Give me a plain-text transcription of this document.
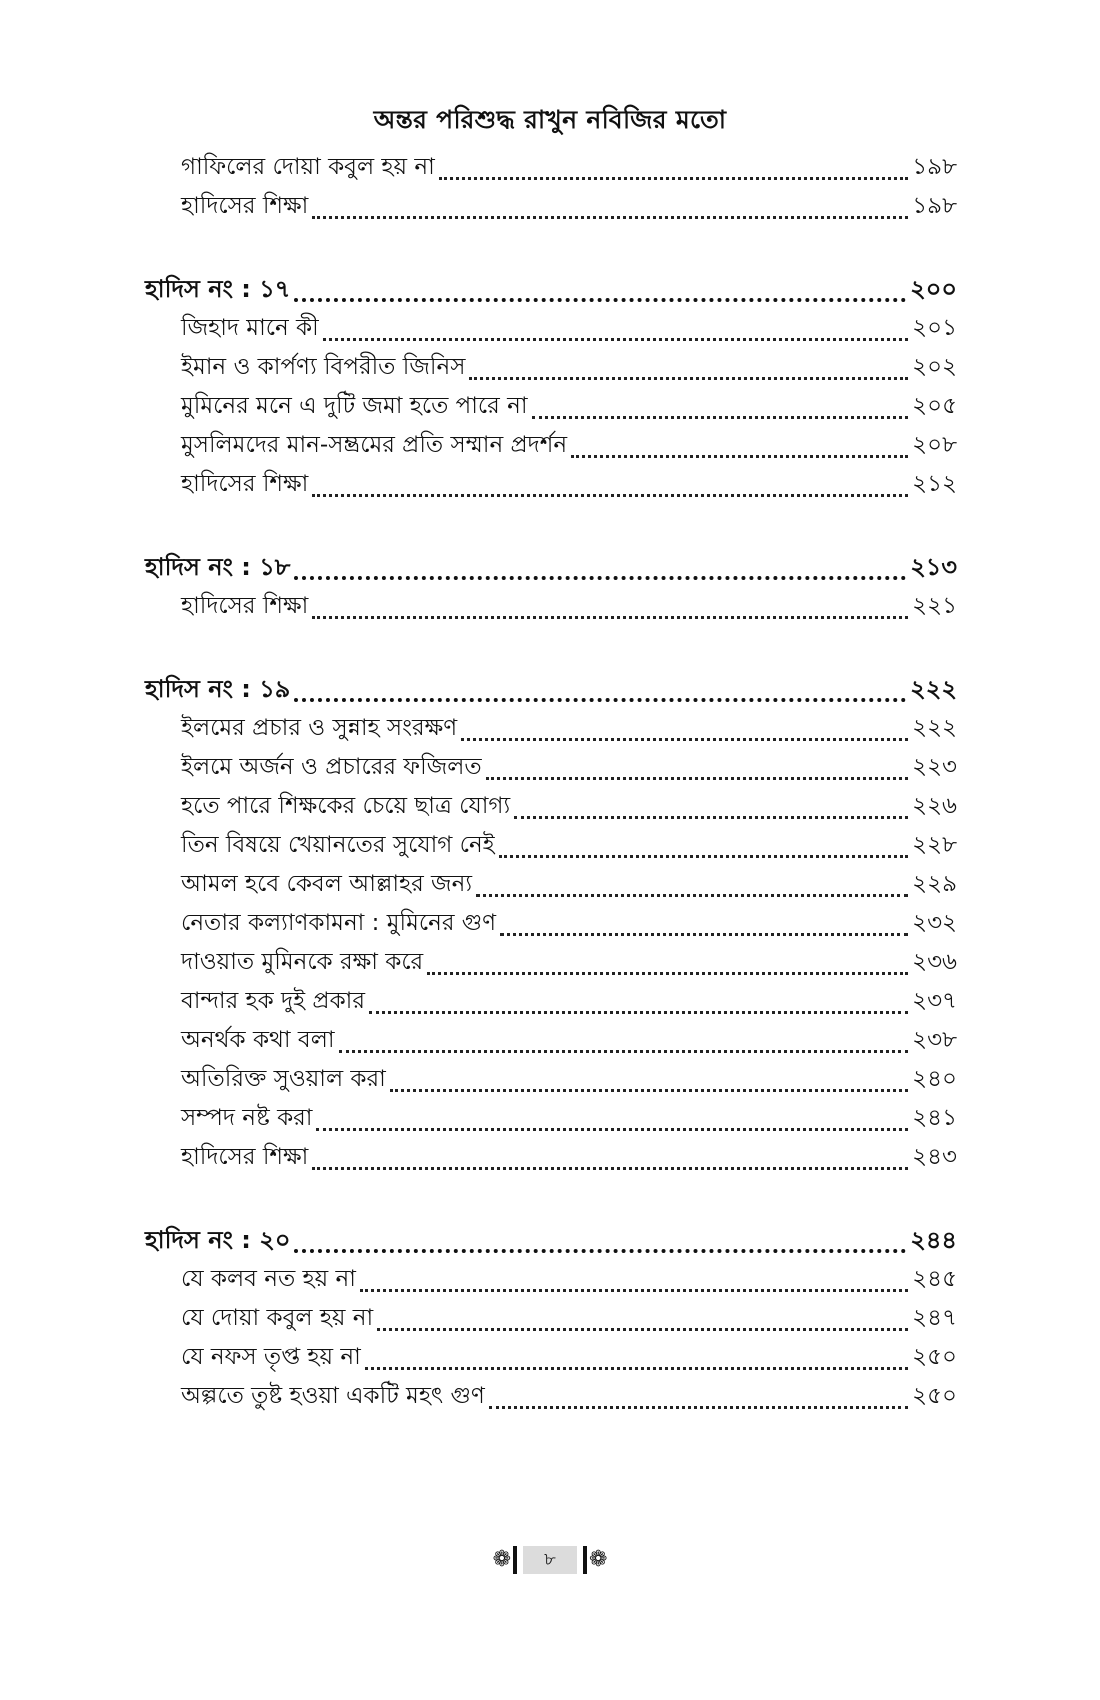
অন্তর পরিশুদ্ধ রাখুন নবিজির মতো
গাফিলের দোয়া কবুল হয় না	১৯৮
হাদিসের শিক্ষা	১৯৮
হাদিস নং : ১৭	২০০
জিহাদ মানে কী	২০১
ইমান ও কার্পণ্য বিপরীত জিনিস	২০২
মুমিনের মনে এ দুটি জমা হতে পারে না	২০৫
মুসলিমদের মান-সম্ভ্রমের প্রতি সম্মান প্রদর্শন	২০৮
হাদিসের শিক্ষা	২১২
হাদিস নং : ১৮	২১৩
হাদিসের শিক্ষা	২২১
হাদিস নং : ১৯	২২২
ইলমের প্রচার ও সুন্নাহ সংরক্ষণ	২২২
ইলমে অর্জন ও প্রচারের ফজিলত	২২৩
হতে পারে শিক্ষকের চেয়ে ছাত্র যোগ্য	২২৬
তিন বিষয়ে খেয়ানতের সুযোগ নেই	২২৮
আমল হবে কেবল আল্লাহর জন্য	২২৯
নেতার কল্যাণকামনা : মুমিনের গুণ	২৩২
দাওয়াত মুমিনকে রক্ষা করে	২৩৬
বান্দার হক দুই প্রকার	২৩৭
অনর্থক কথা বলা	২৩৮
অতিরিক্ত সুওয়াল করা	২৪০
সম্পদ নষ্ট করা	২৪১
হাদিসের শিক্ষা	২৪৩
হাদিস নং : ২০	২৪৪
যে কলব নত হয় না	২৪৫
যে দোয়া কবুল হয় না	২৪৭
যে নফস তৃপ্ত হয় না	২৫০
অল্পতে তুষ্ট হওয়া একটি মহৎ গুণ	২৫০
❁	৮	❁
